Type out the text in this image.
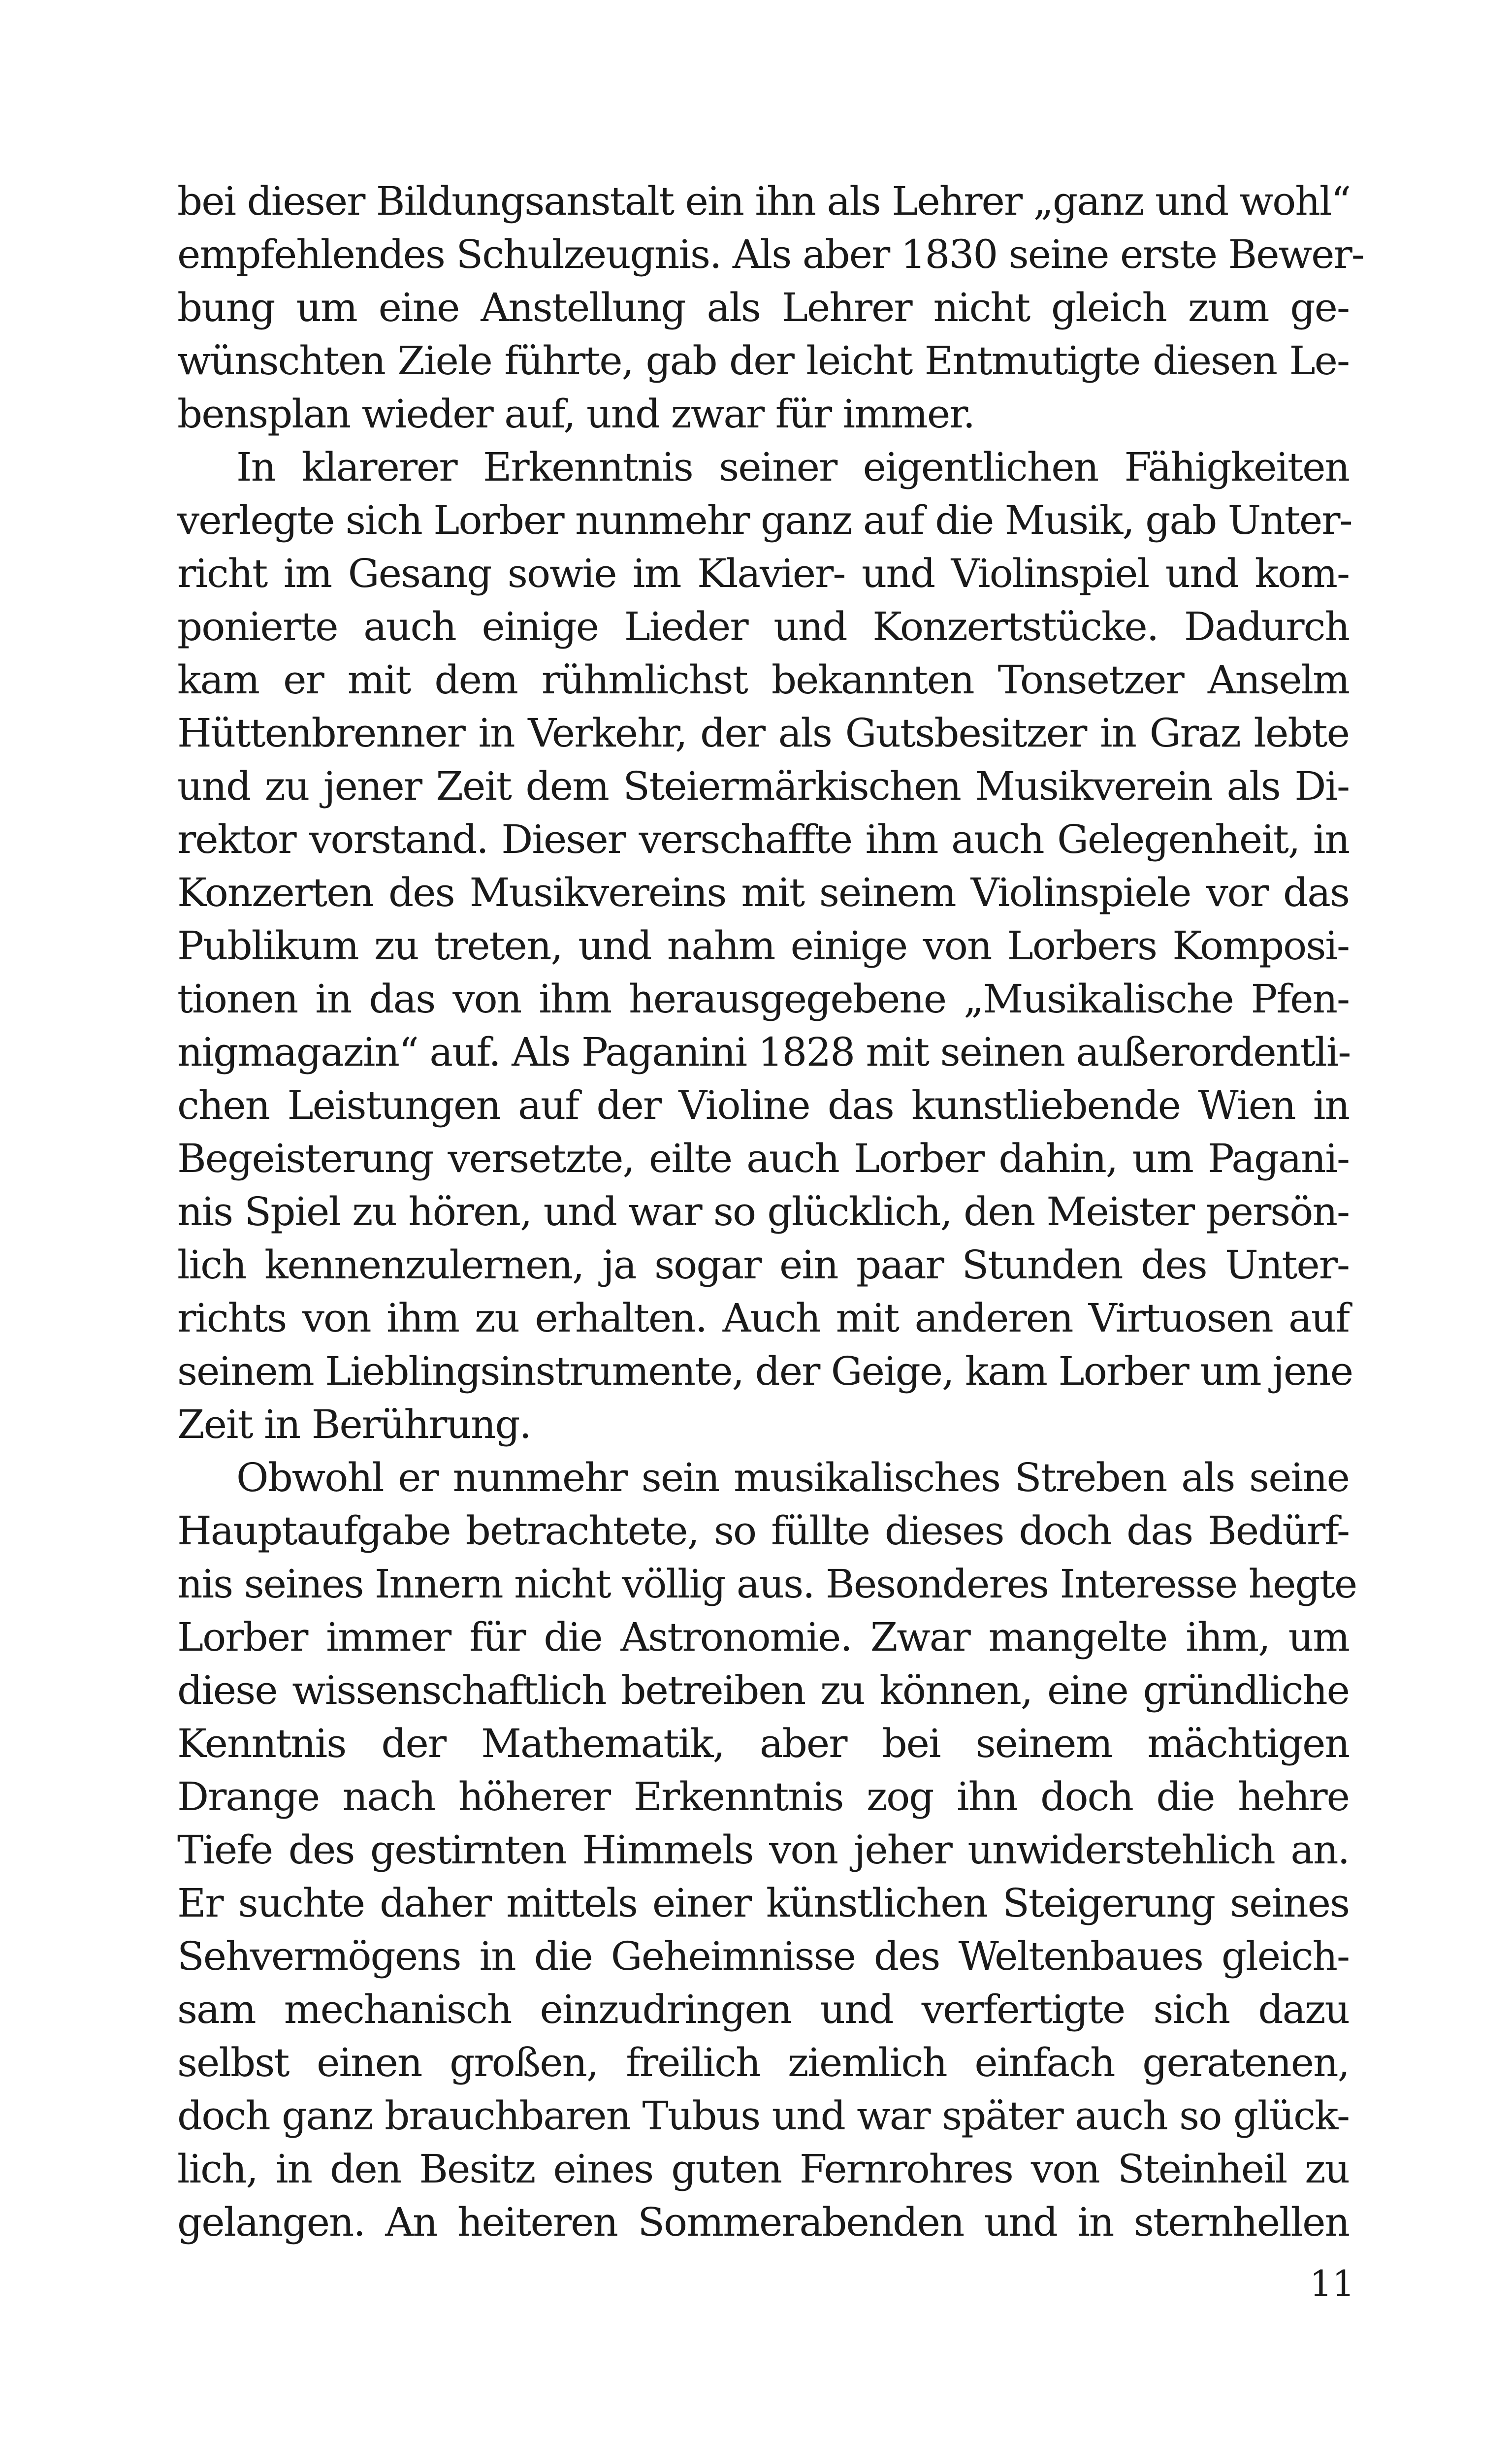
bei dieser Bildungsanstalt ein ihn als Lehrer „ganz und wohl“
empfehlendes Schulzeugnis. Als aber 1830 seine erste Bewer-
bung um eine Anstellung als Lehrer nicht gleich zum ge-
wünschten Ziele führte, gab der leicht Entmutigte diesen Le-
bensplan wieder auf, und zwar für immer.
In klarerer Erkenntnis seiner eigentlichen Fähigkeiten
verlegte sich Lorber nunmehr ganz auf die Musik, gab Unter-
richt im Gesang sowie im Klavier- und Violinspiel und kom-
ponierte auch einige Lieder und Konzertstücke. Dadurch
kam er mit dem rühmlichst bekannten Tonsetzer Anselm
Hüttenbrenner in Verkehr, der als Gutsbesitzer in Graz lebte
und zu jener Zeit dem Steiermärkischen Musikverein als Di-
rektor vorstand. Dieser verschaffte ihm auch Gelegenheit, in
Konzerten des Musikvereins mit seinem Violinspiele vor das
Publikum zu treten, und nahm einige von Lorbers Komposi-
tionen in das von ihm herausgegebene „Musikalische Pfen-
nigmagazin“ auf. Als Paganini 1828 mit seinen außerordentli-
chen Leistungen auf der Violine das kunstliebende Wien in
Begeisterung versetzte, eilte auch Lorber dahin, um Pagani-
nis Spiel zu hören, und war so glücklich, den Meister persön-
lich kennenzulernen, ja sogar ein paar Stunden des Unter-
richts von ihm zu erhalten. Auch mit anderen Virtuosen auf
seinem Lieblingsinstrumente, der Geige, kam Lorber um jene
Zeit in Berührung.
Obwohl er nunmehr sein musikalisches Streben als seine
Hauptaufgabe betrachtete, so füllte dieses doch das Bedürf-
nis seines Innern nicht völlig aus. Besonderes Interesse hegte
Lorber immer für die Astronomie. Zwar mangelte ihm, um
diese wissenschaftlich betreiben zu können, eine gründliche
Kenntnis der Mathematik, aber bei seinem mächtigen
Drange nach höherer Erkenntnis zog ihn doch die hehre
Tiefe des gestirnten Himmels von jeher unwiderstehlich an.
Er suchte daher mittels einer künstlichen Steigerung seines
Sehvermögens in die Geheimnisse des Weltenbaues gleich-
sam mechanisch einzudringen und verfertigte sich dazu
selbst einen großen, freilich ziemlich einfach geratenen,
doch ganz brauchbaren Tubus und war später auch so glück-
lich, in den Besitz eines guten Fernrohres von Steinheil zu
gelangen. An heiteren Sommerabenden und in sternhellen
11
